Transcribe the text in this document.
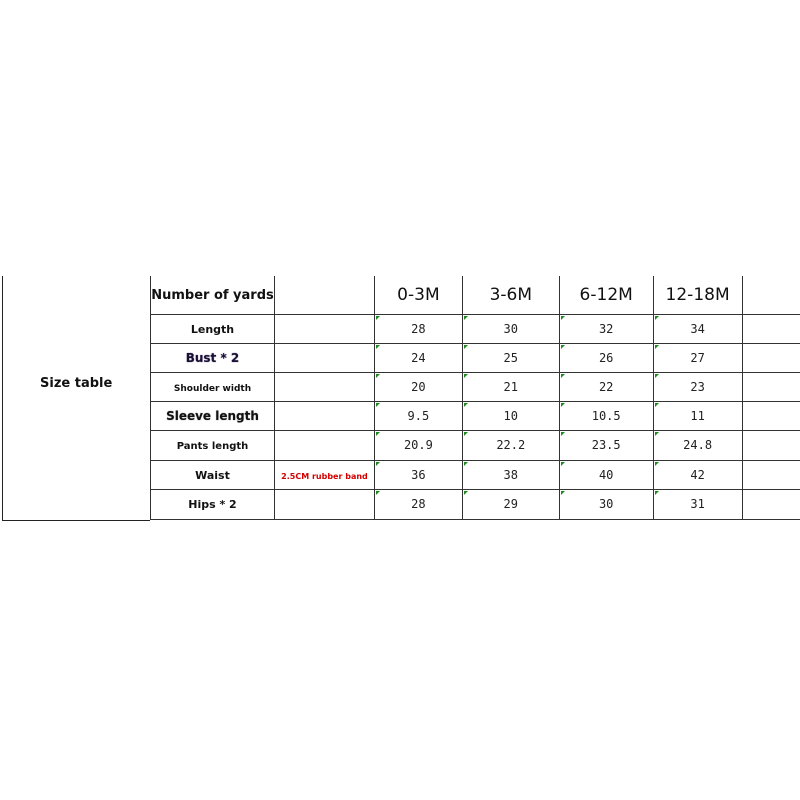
Size table
Number of yards		0-3M	3-6M	6-12M	12-18M	
Length		28	30	32	34	
Bust * 2		24	25	26	27	
Shoulder width		20	21	22	23	
Sleeve length		9.5	10	10.5	11	
Pants length		20.9	22.2	23.5	24.8	
Waist	2.5CM rubber band	36	38	40	42	
Hips * 2		28	29	30	31	
